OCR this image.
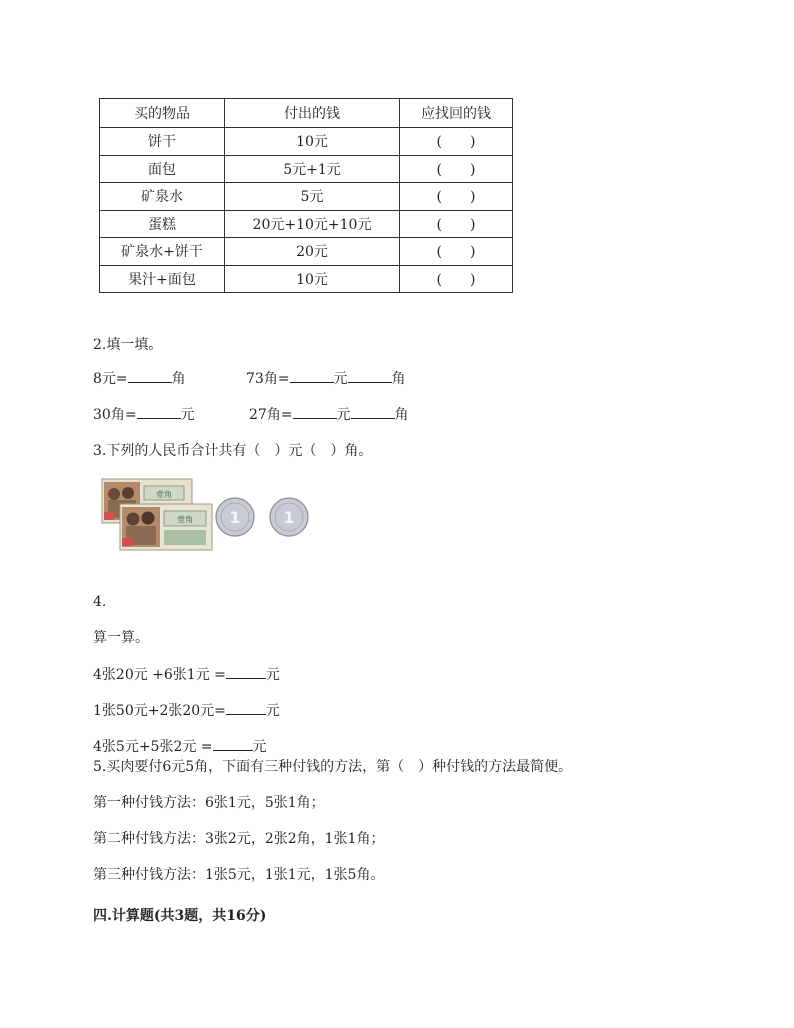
买的物品	付出的钱	应找回的钱
饼干	10元	(　　)
面包	5元+1元	(　　)
矿泉水	5元	(　　)
蛋糕	20元+10元+10元	(　　)
矿泉水+饼干	20元	(　　)
果汁+面包	10元	(　　)
2.填一填。
8元=	角	73角=	元	角
30角=	元	27角=	元	角
3.下列的人民币合计共有（　）元（　）角。
壹角
壹角 1	1
4.
算一算。
4张20元 +6张1元 =	元
1张50元+2张20元=	元
4张5元+5张2元 =	元
5.买肉要付6元5角，下面有三种付钱的方法，第（　）种付钱的方法最简便。
第一种付钱方法：6张1元，5张1角；
第二种付钱方法：3张2元，2张2角，1张1角；
第三种付钱方法：1张5元，1张1元，1张5角。
四.计算题(共3题，共16分)
